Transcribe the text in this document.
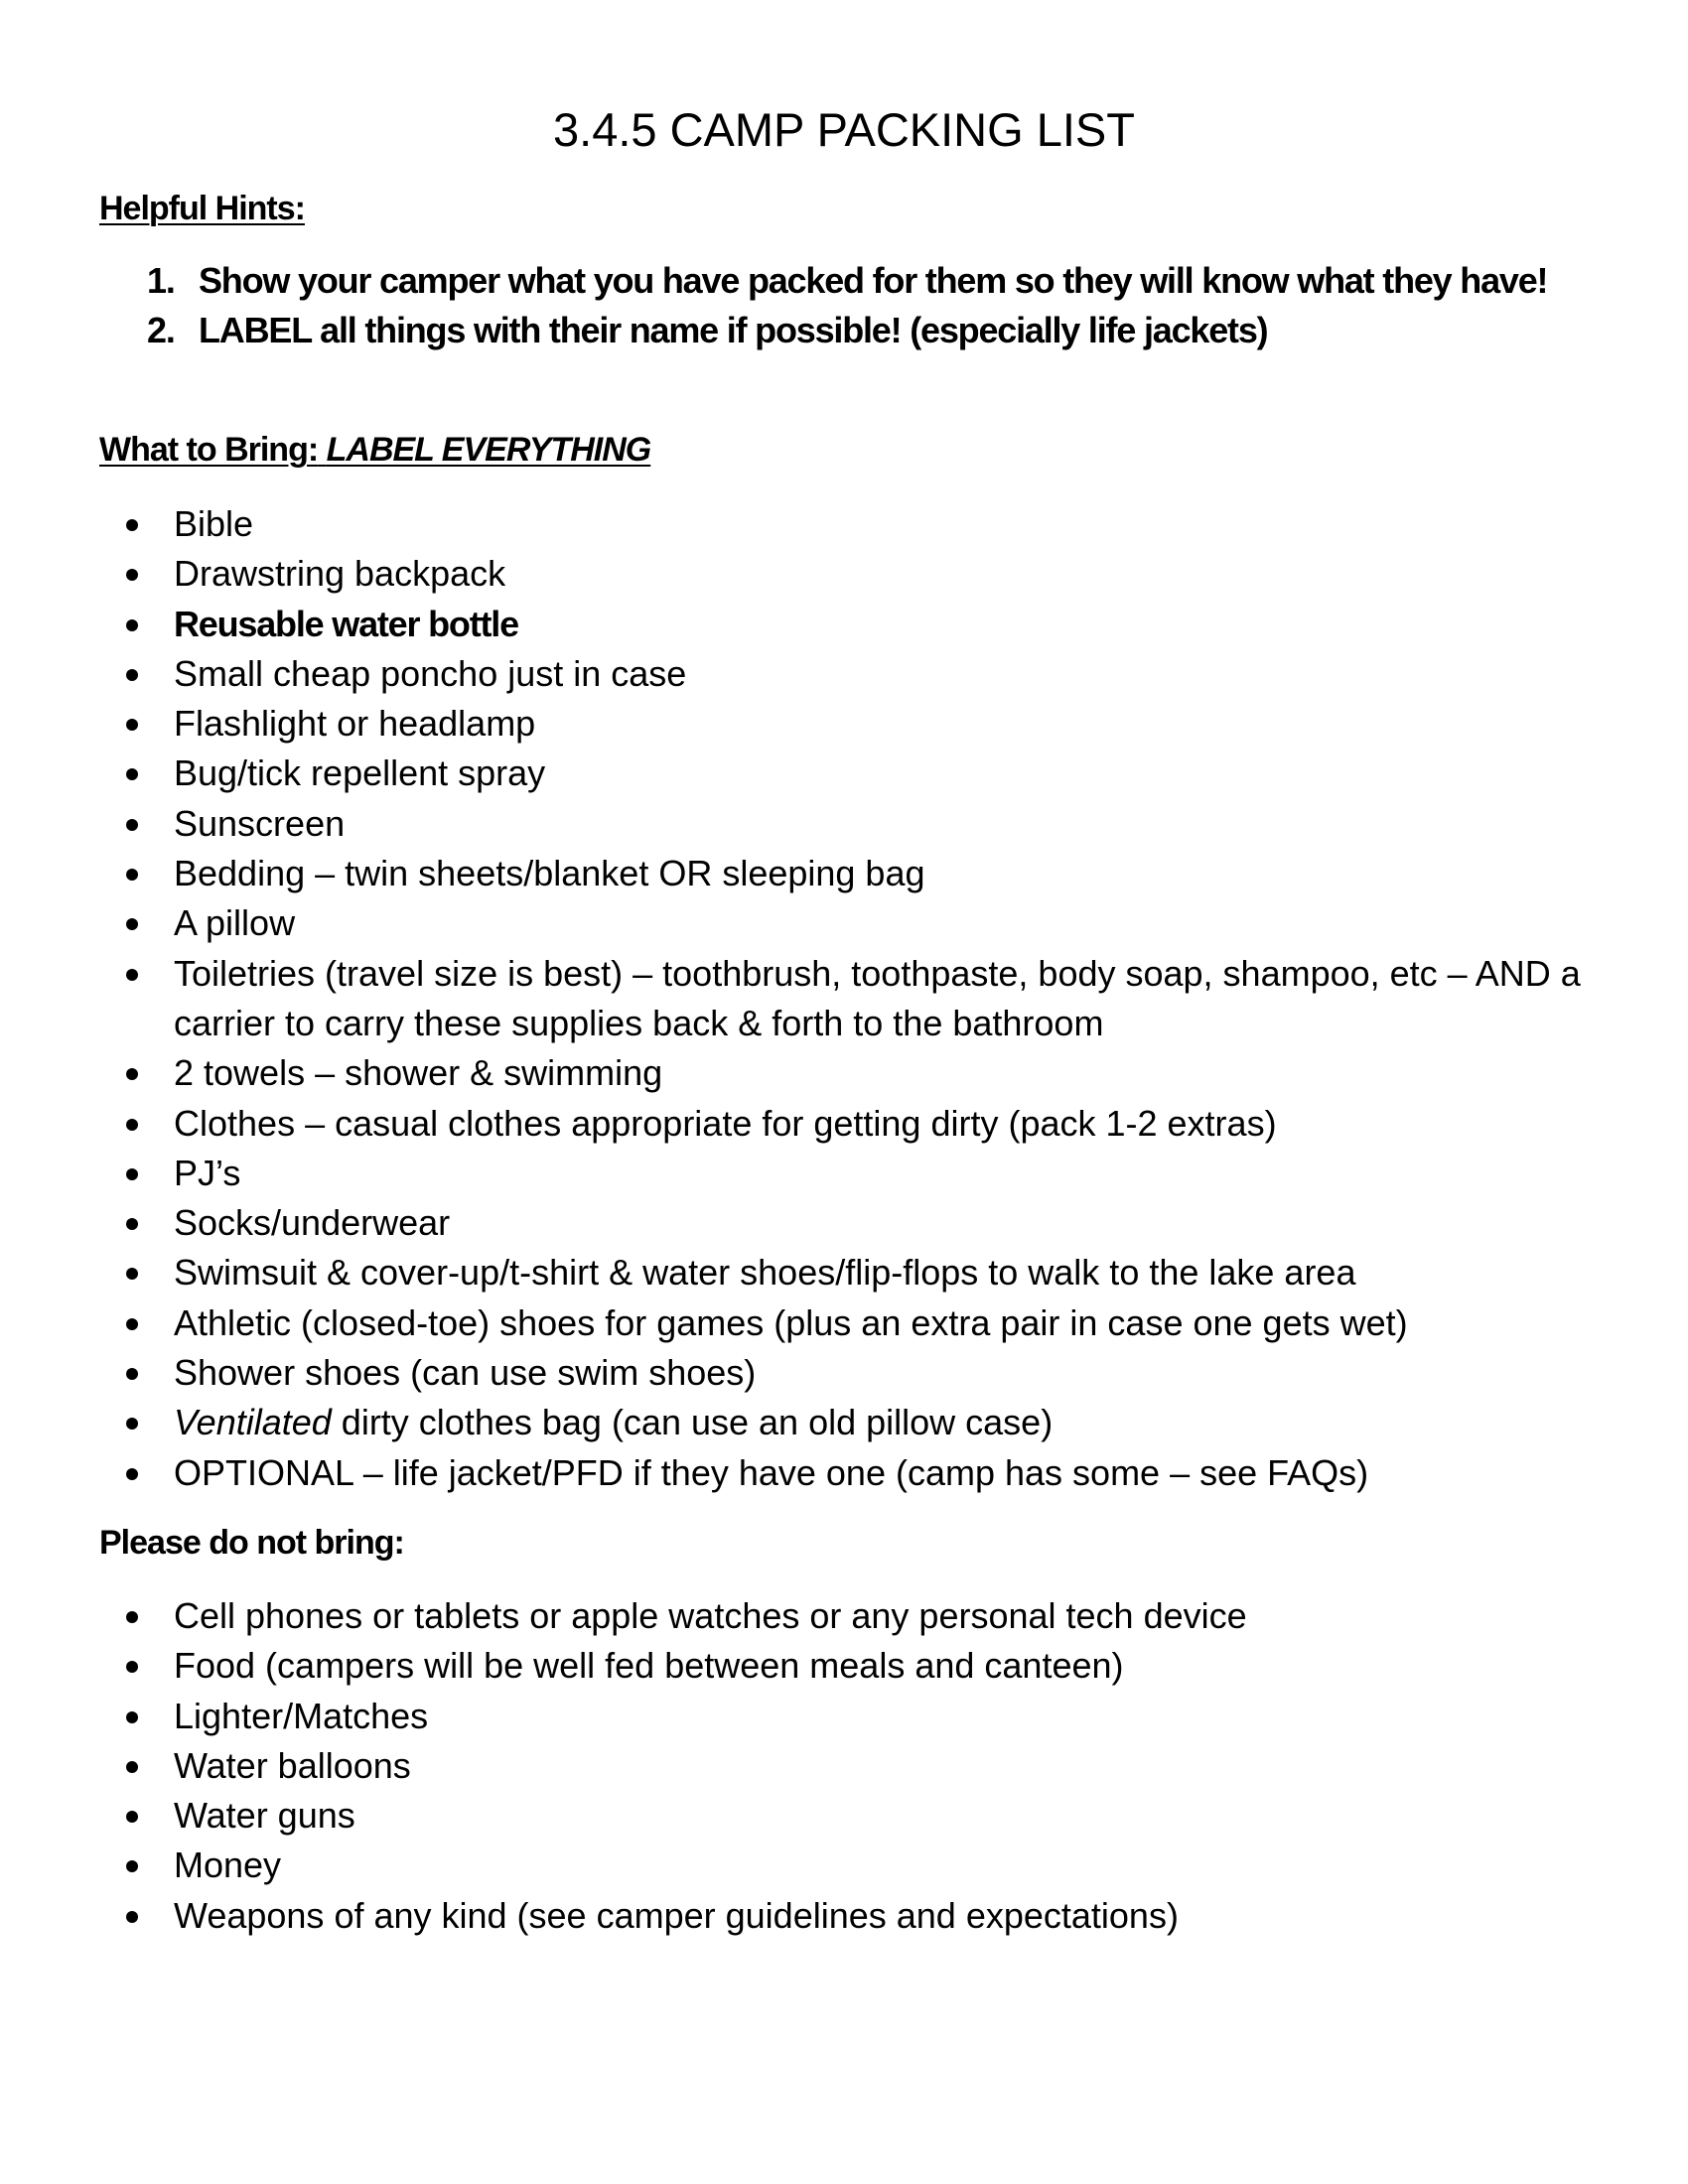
3.4.5 CAMP PACKING LIST
Helpful Hints:
1. Show your camper what you have packed for them so they will know what they have!
2. LABEL all things with their name if possible! (especially life jackets)
What to Bring: LABEL EVERYTHING
Bible
Drawstring backpack
Reusable water bottle
Small cheap poncho just in case
Flashlight or headlamp
Bug/tick repellent spray
Sunscreen
Bedding – twin sheets/blanket OR sleeping bag
A pillow
Toiletries (travel size is best) – toothbrush, toothpaste, body soap, shampoo, etc – AND a carrier to carry these supplies back & forth to the bathroom
2 towels – shower & swimming
Clothes – casual clothes appropriate for getting dirty (pack 1-2 extras)
PJ’s
Socks/underwear
Swimsuit & cover-up/t-shirt & water shoes/flip-flops to walk to the lake area
Athletic (closed-toe) shoes for games (plus an extra pair in case one gets wet)
Shower shoes (can use swim shoes)
Ventilated dirty clothes bag (can use an old pillow case)
OPTIONAL – life jacket/PFD if they have one (camp has some – see FAQs)
Please do not bring:
Cell phones or tablets or apple watches or any personal tech device
Food (campers will be well fed between meals and canteen)
Lighter/Matches
Water balloons
Water guns
Money
Weapons of any kind (see camper guidelines and expectations)
